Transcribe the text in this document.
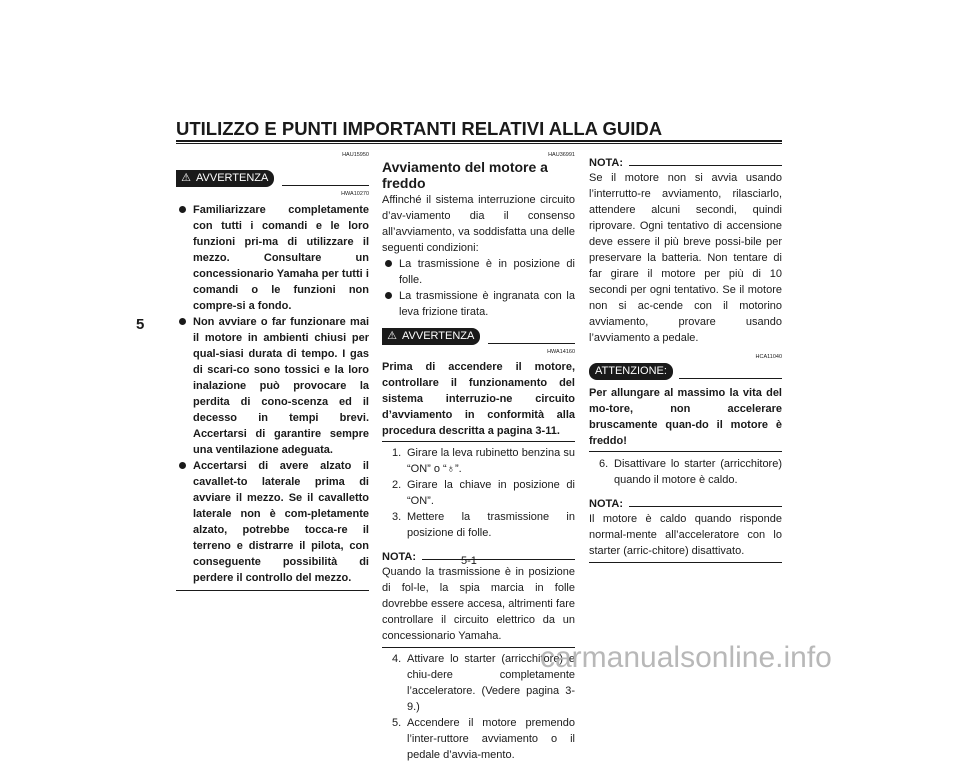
UTILIZZO E PUNTI IMPORTANTI RELATIVI ALLA GUIDA
5
HAU15950
⚠ AVVERTENZA
HWA10270
Familiarizzare completamente con tutti i comandi e le loro funzioni pri-ma di utilizzare il mezzo. Consultare un concessionario Yamaha per tutti i comandi o le funzioni non compre-si a fondo.
Non avviare o far funzionare mai il motore in ambienti chiusi per qual-siasi durata di tempo. I gas di scari-co sono tossici e la loro inalazione può provocare la perdita di cono-scenza ed il decesso in tempi brevi. Accertarsi di garantire sempre una ventilazione adeguata.
Accertarsi di avere alzato il cavallet-to laterale prima di avviare il mezzo. Se il cavalletto laterale non è com-pletamente alzato, potrebbe tocca-re il terreno e distrarre il pilota, con conseguente possibilità di perdere il controllo del mezzo.
HAU36991
Avviamento del motore a freddo

Affinché il sistema interruzione circuito d’av-viamento dia il consenso all’avviamento, va soddisfatta una delle seguenti condizioni:

La trasmissione è in posizione di folle.
La trasmissione è ingranata con la leva frizione tirata.
⚠ AVVERTENZA
HWA14160

Prima di accendere il motore, controllare il funzionamento del sistema interruzio-ne circuito d’avviamento in conformità alla procedura descritta a pagina 3-11.

1. Girare la leva rubinetto benzina su “ON” o “♁”.
2. Girare la chiave in posizione di “ON”.
3. Mettere la trasmissione in posizione di folle.
NOTA:

Quando la trasmissione è in posizione di fol-le, la spia marcia in folle dovrebbe essere accesa, altrimenti fare controllare il circuito elettrico da un concessionario Yamaha.

4. Attivare lo starter (arricchitore) e chiu-dere completamente l’acceleratore. (Vedere pagina 3-9.)
5. Accendere il motore premendo l’inter-ruttore avviamento o il pedale d’avvia-mento.
NOTA:

Se il motore non si avvia usando l’interrutto-re avviamento, rilasciarlo, attendere alcuni secondi, quindi riprovare. Ogni tentativo di accensione deve essere il più breve possi-bile per preservare la batteria. Non tentare di far girare il motore per più di 10 secondi per ogni tentativo. Se il motore non si ac-cende con il motorino avviamento, provare usando l’avviamento a pedale.

HCA11040
ATTENZIONE:

Per allungare al massimo la vita del mo-tore, non accelerare bruscamente quan-do il motore è freddo!

6. Disattivare lo starter (arricchitore) quando il motore è caldo.
NOTA:

Il motore è caldo quando risponde normal-mente all’acceleratore con lo starter (arric-chitore) disattivato.

5-1
carmanualsonline.info
